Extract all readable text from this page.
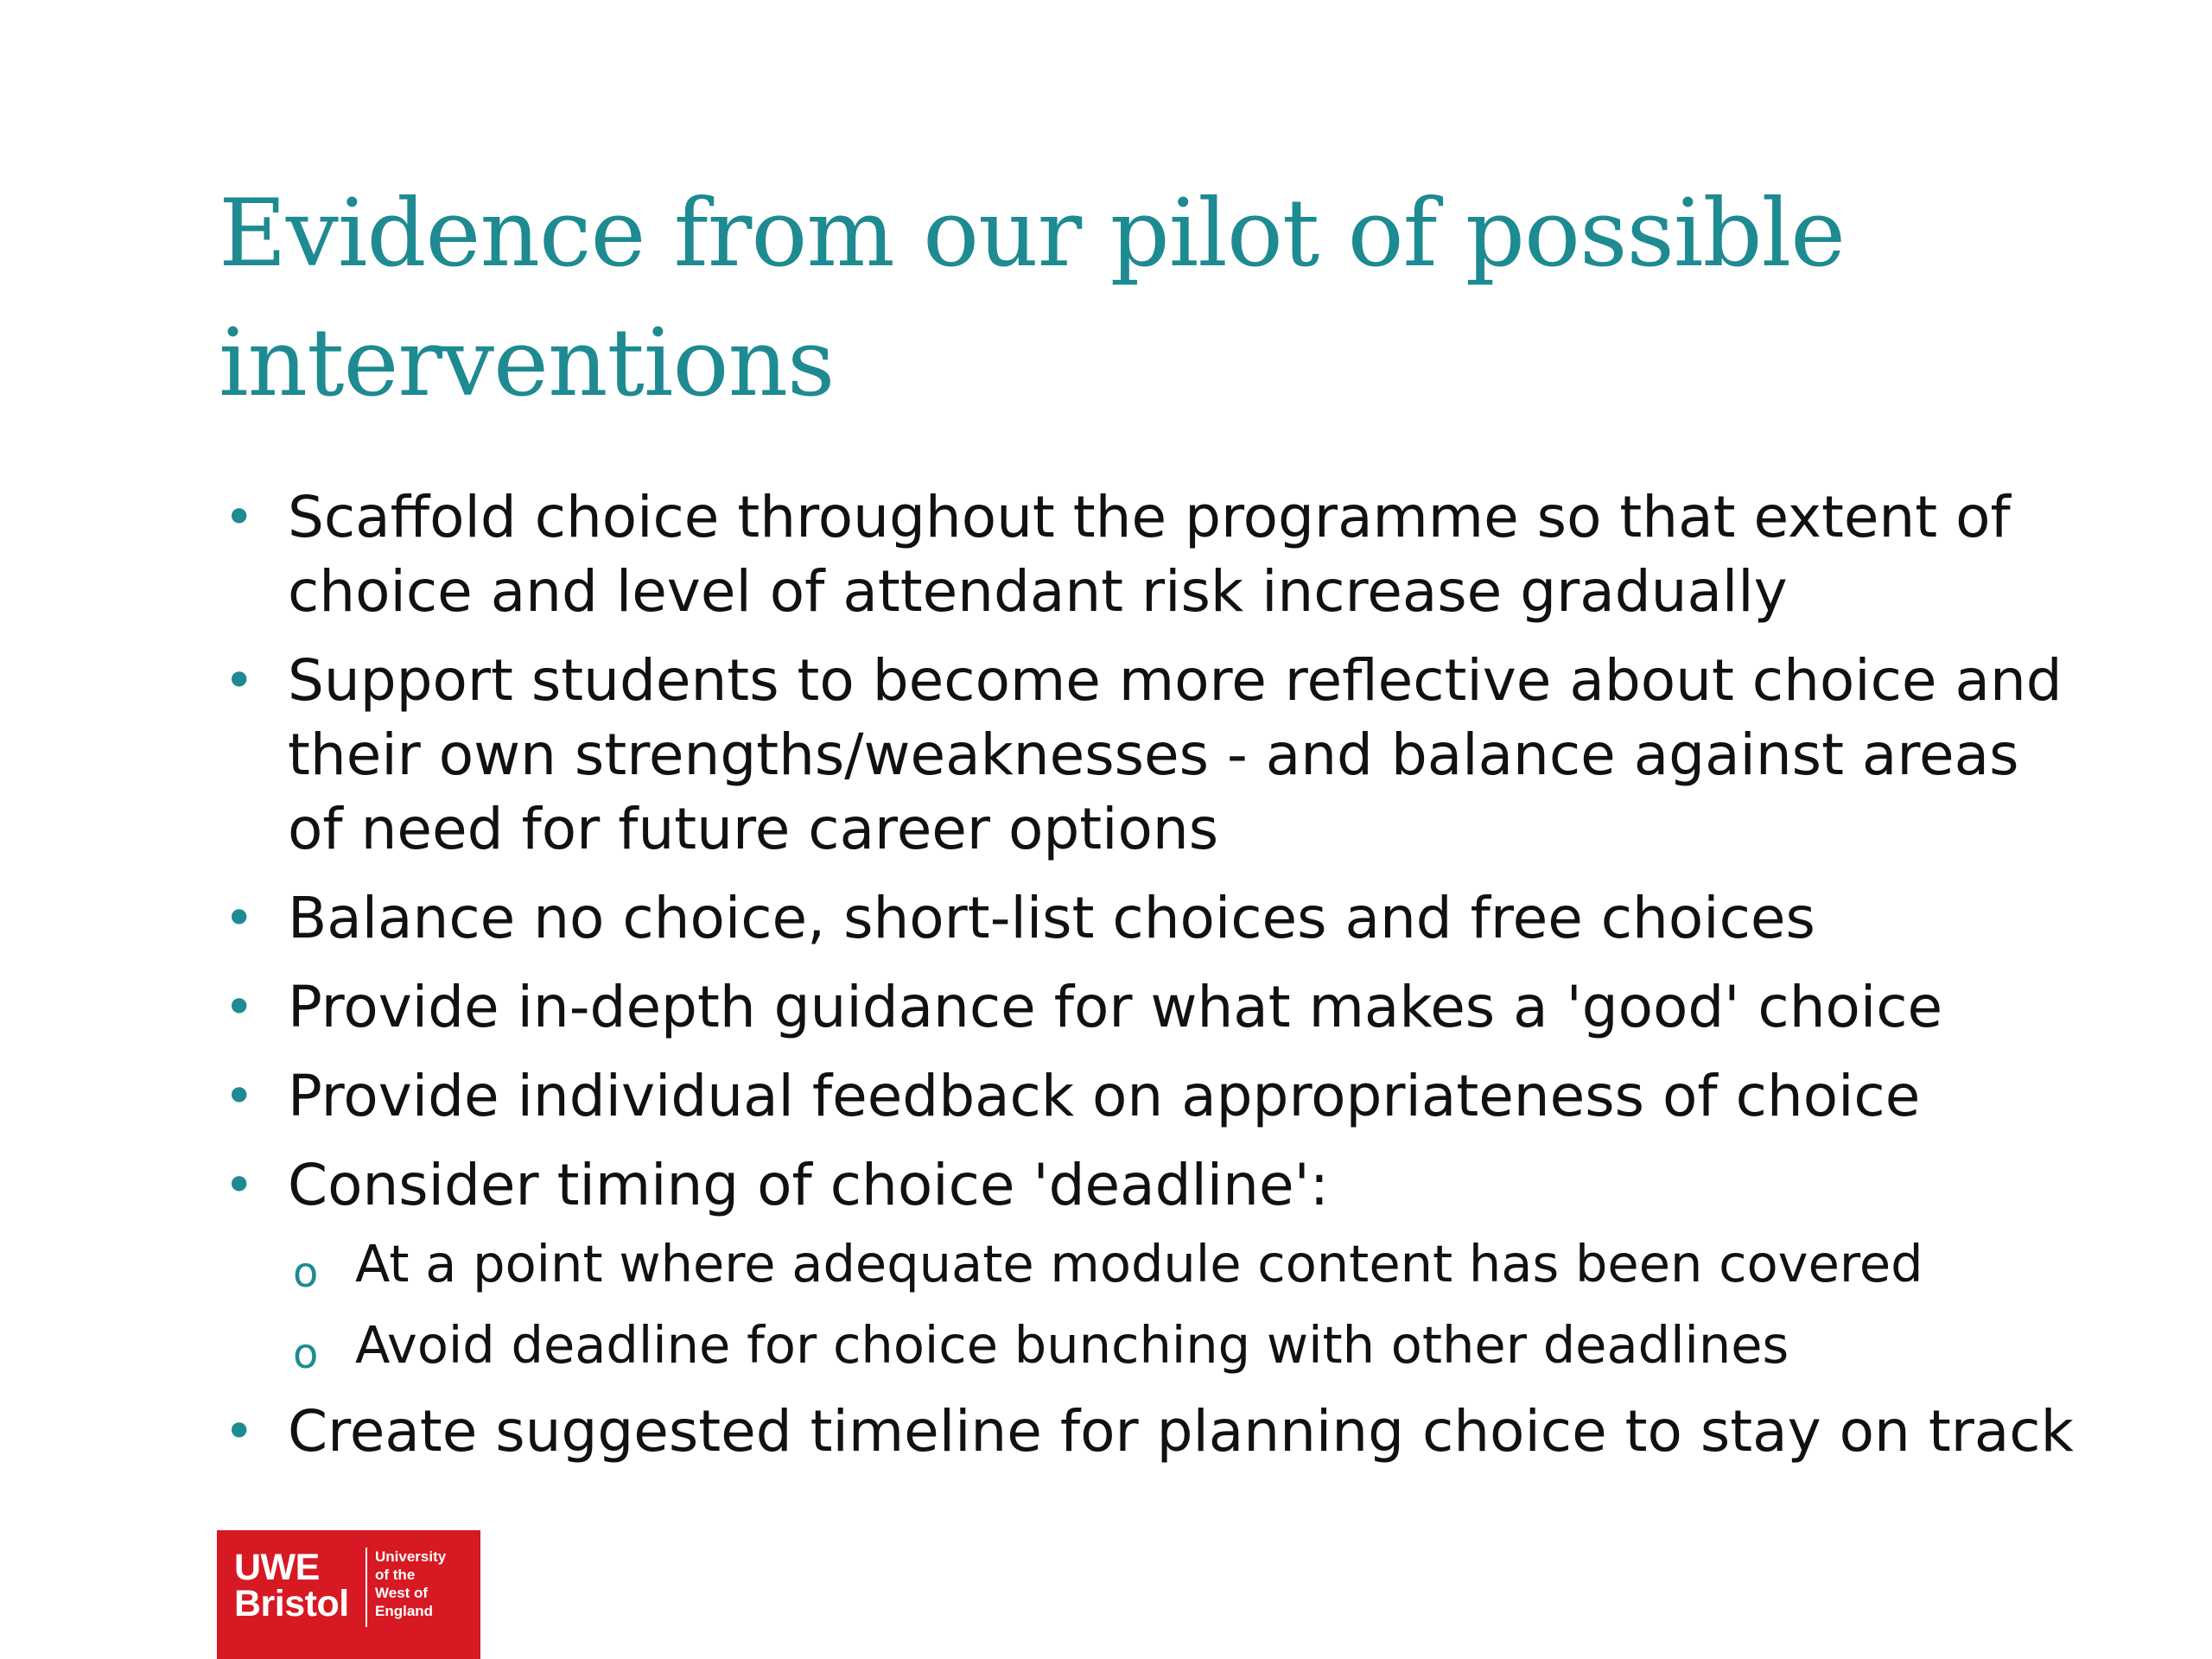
Evidence from our pilot of possible interventions
• Scaffold choice throughout the programme so that extent of choice and level of attendant risk increase gradually
• Support students to become more reflective about choice and their own strengths/weaknesses - and balance against areas of need for future career options
• Balance no choice, short-list choices and free choices
• Provide in-depth guidance for what makes a 'good' choice
• Provide individual feedback on appropriateness of choice
• Consider timing of choice 'deadline':
o At a point where adequate module content has been covered
o Avoid deadline for choice bunching with other deadlines
• Create suggested timeline for planning choice to stay on track
UWE
Bristol
University
of the
West of
England
